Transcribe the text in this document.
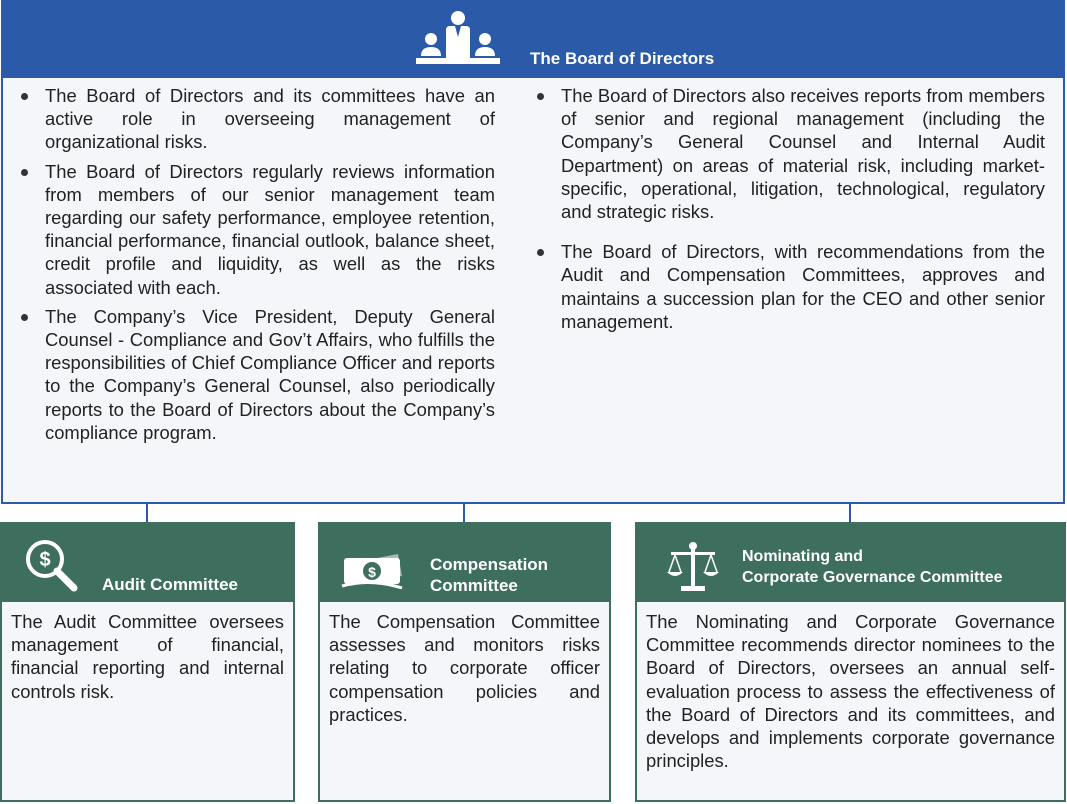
The Board of Directors
The Board of Directors and its committees have an active role in overseeing management of organizational risks.
The Board of Directors regularly reviews information from members of our senior management team regarding our safety performance, employee retention, financial performance, financial outlook, balance sheet, credit profile and liquidity, as well as the risks associated with each.
The Company’s Vice President, Deputy General Counsel - Compliance and Gov’t Affairs, who fulfills the responsibilities of Chief Compliance Officer and reports to the Company’s General Counsel, also periodically reports to the Board of Directors about the Company’s compliance program.
The Board of Directors also receives reports from members of senior and regional management (including the Company’s General Counsel and Internal Audit Department) on areas of material risk, including market-specific, operational, litigation, technological, regulatory and strategic risks.
The Board of Directors, with recommendations from the Audit and Compensation Committees, approves and maintains a succession plan for the CEO and other senior management.
$
Audit Committee
The Audit Committee oversees management of financial, financial reporting and internal controls risk.
$	Compensation
Committee
The Compensation Committee assesses and monitors risks relating to corporate officer compensation policies and practices.
Nominating and
Corporate Governance Committee
The Nominating and Corporate Governance Committee recommends director nominees to the Board of Directors, oversees an annual self-evaluation process to assess the effectiveness of the Board of Directors and its committees, and develops and implements corporate governance principles.
